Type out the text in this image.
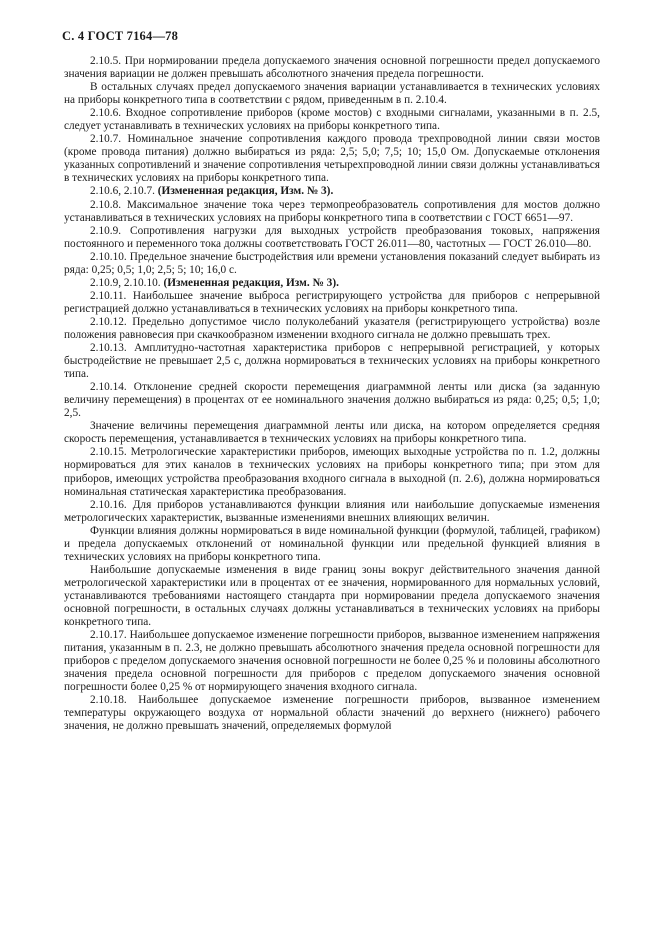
С. 4 ГОСТ 7164—78

2.10.5. При нормировании предела допускаемого значения основной погрешности предел допускаемого значения вариации не должен превышать абсолютного значения предела погрешности.

В остальных случаях предел допускаемого значения вариации устанавливается в технических условиях на приборы конкретного типа в соответствии с рядом, приведенным в п. 2.10.4.

2.10.6. Входное сопротивление приборов (кроме мостов) с входными сигналами, указанными в п. 2.5, следует устанавливать в технических условиях на приборы конкретного типа.

2.10.7. Номинальное значение сопротивления каждого провода трехпроводной линии связи мостов (кроме провода питания) должно выбираться из ряда: 2,5; 5,0; 7,5; 10; 15,0 Ом. Допускаемые отклонения указанных сопротивлений и значение сопротивления четырехпроводной линии связи должны устанавливаться в технических условиях на приборы конкретного типа.

2.10.6, 2.10.7. (Измененная редакция, Изм. № 3).

2.10.8. Максимальное значение тока через термопреобразователь сопротивления для мостов должно устанавливаться в технических условиях на приборы конкретного типа в соответствии с ГОСТ 6651—97.

2.10.9. Сопротивления нагрузки для выходных устройств преобразования токовых, напряжения постоянного и переменного тока должны соответствовать ГОСТ 26.011—80, частотных — ГОСТ 26.010—80.

2.10.10. Предельное значение быстродействия или времени установления показаний следует выбирать из ряда: 0,25; 0,5; 1,0; 2,5; 5; 10; 16,0 с.

2.10.9, 2.10.10. (Измененная редакция, Изм. № 3).

2.10.11. Наибольшее значение выброса регистрирующего устройства для приборов с непрерывной регистрацией должно устанавливаться в технических условиях на приборы конкретного типа.

2.10.12. Предельно допустимое число полуколебаний указателя (регистрирующего устройства) возле положения равновесия при скачкообразном изменении входного сигнала не должно превышать трех.

2.10.13. Амплитудно-частотная характеристика приборов с непрерывной регистрацией, у которых быстродействие не превышает 2,5 с, должна нормироваться в технических условиях на приборы конкретного типа.

2.10.14. Отклонение средней скорости перемещения диаграммной ленты или диска (за заданную величину перемещения) в процентах от ее номинального значения должно выбираться из ряда: 0,25; 0,5; 1,0; 2,5.

Значение величины перемещения диаграммной ленты или диска, на котором определяется средняя скорость перемещения, устанавливается в технических условиях на приборы конкретного типа.

2.10.15. Метрологические характеристики приборов, имеющих выходные устройства по п. 1.2, должны нормироваться для этих каналов в технических условиях на приборы конкретного типа; при этом для приборов, имеющих устройства преобразования входного сигнала в выходной (п. 2.6), должна нормироваться номинальная статическая характеристика преобразования.

2.10.16. Для приборов устанавливаются функции влияния или наибольшие допускаемые изменения метрологических характеристик, вызванные изменениями внешних влияющих величин.

Функции влияния должны нормироваться в виде номинальной функции (формулой, таблицей, графиком) и предела допускаемых отклонений от номинальной функции или предельной функцией влияния в технических условиях на приборы конкретного типа.

Наибольшие допускаемые изменения в виде границ зоны вокруг действительного значения данной метрологической характеристики или в процентах от ее значения, нормированного для нормальных условий, устанавливаются требованиями настоящего стандарта при нормировании предела допускаемого значения основной погрешности, в остальных случаях должны устанавливаться в технических условиях на приборы конкретного типа.

2.10.17. Наибольшее допускаемое изменение погрешности приборов, вызванное изменением напряжения питания, указанным в п. 2.3, не должно превышать абсолютного значения предела основной погрешности для приборов с пределом допускаемого значения основной погрешности не более 0,25 % и половины абсолютного значения предела основной погрешности для приборов с пределом допускаемого значения основной погрешности более 0,25 % от нормирующего значения входного сигнала.

2.10.18. Наибольшее допускаемое изменение погрешности приборов, вызванное изменением температуры окружающего воздуха от нормальной области значений до верхнего (нижнего) рабочего значения, не должно превышать значений, определяемых формулой
